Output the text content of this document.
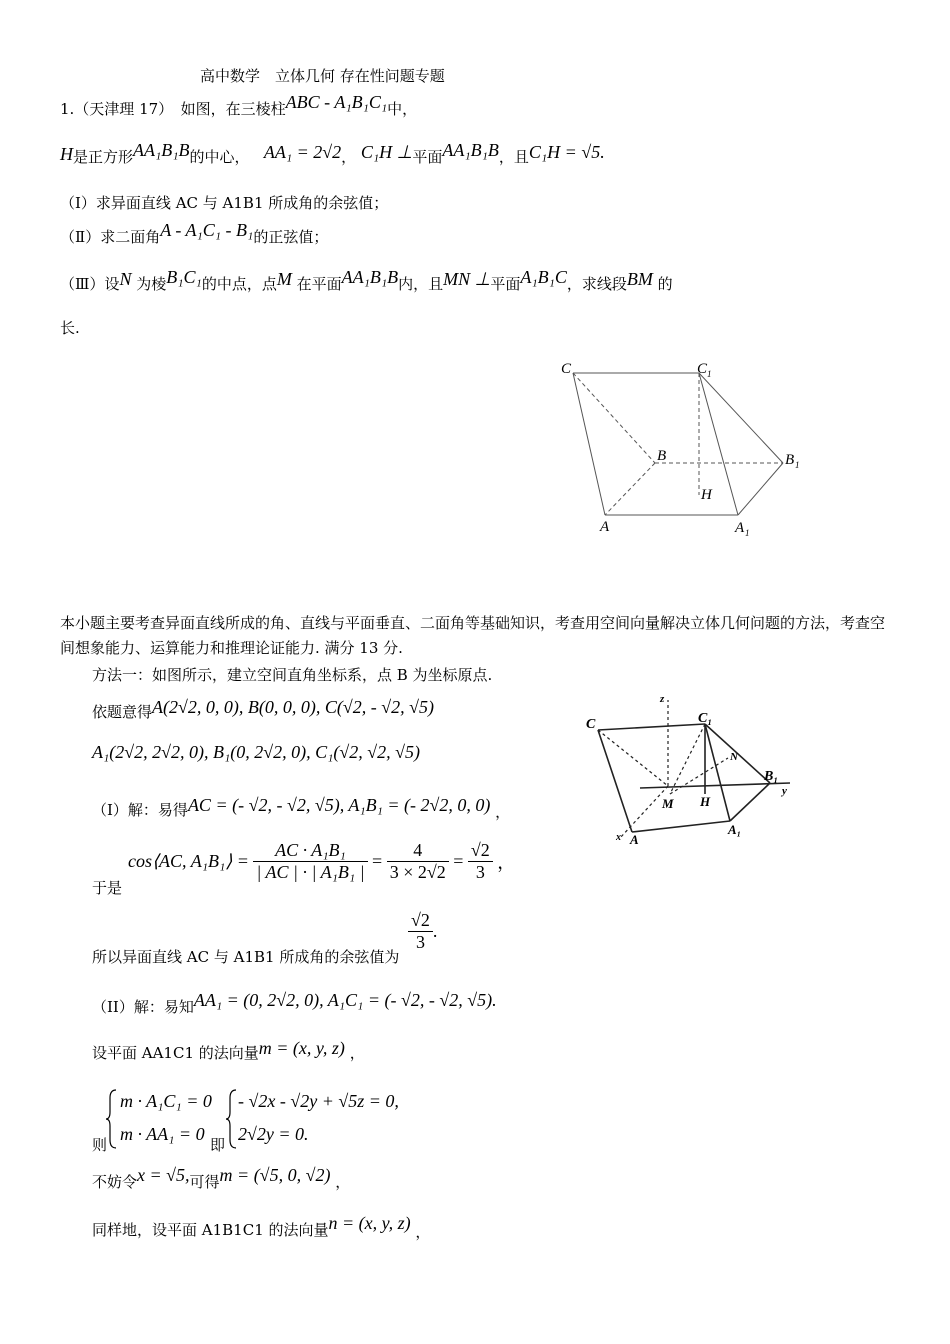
高中数学　立体几何 存在性问题专题
1.（天津理 17）　如图，在三棱柱ABC - A₁B₁C₁中，
H是正方形AA₁B₁B的中心， AA₁ = 2√2， C₁H ⊥平面AA₁B₁B，且C₁H = √5.
（Ⅰ）求异面直线 AC 与 A1B1 所成角的余弦值；
（Ⅱ）求二面角A - A₁C₁ - B₁的正弦值；
（Ⅲ）设N 为棱B₁C₁的中点，点M 在平面AA₁B₁B内，且MN ⊥平面A₁B₁C，求线段BM 的
长.
C	C 1
B	B 1
H
A	A 1
本小题主要考查异面直线所成的角、直线与平面垂直、二面角等基础知识，考查用空间向量解决立体几何问题的方法，考查空间想象能力、运算能力和推理论证能力. 满分 13 分.
方法一：如图所示，建立空间直角坐标系，点 B 为坐标原点.
依题意得A(2√2, 0, 0), B(0, 0, 0), C(√2, - √2, √5)
A₁(2√2, 2√2, 0), B₁(0, 2√2, 0), C₁(√2, √2, √5)
（I）解：易得AC = (- √2, - √2, √5), A₁B₁ = (- 2√2, 0, 0) ，
于是
cos⟨AC, A₁B₁⟩ = $\frac{\text{AC · A₁B₁}}{\text{| AC | · | A₁B₁ |}} = \frac{4}{3 \times 2√2} = \frac{√2}{3}$ ，
所以异面直线 AC 与 A1B1 所成角的余弦值为
$\frac{√2}{3}$ .
（II）解：易知AA₁ = (0, 2√2, 0), A₁C₁ = (- √2, - √2, √5).
设平面 AA1C1 的法向量m = (x, y, z) ，
则
m · A₁C₁ = 0
m · AA₁ = 0
即
- √2x - √2y + √5z = 0,
2√2y = 0.
不妨令x = √5,可得m = (√5, 0, √2) ，
同样地，设平面 A1B1C1 的法向量n = (x, y, z) ，
z
C	C₁
N
B₁
y
M H
x A
A₁
